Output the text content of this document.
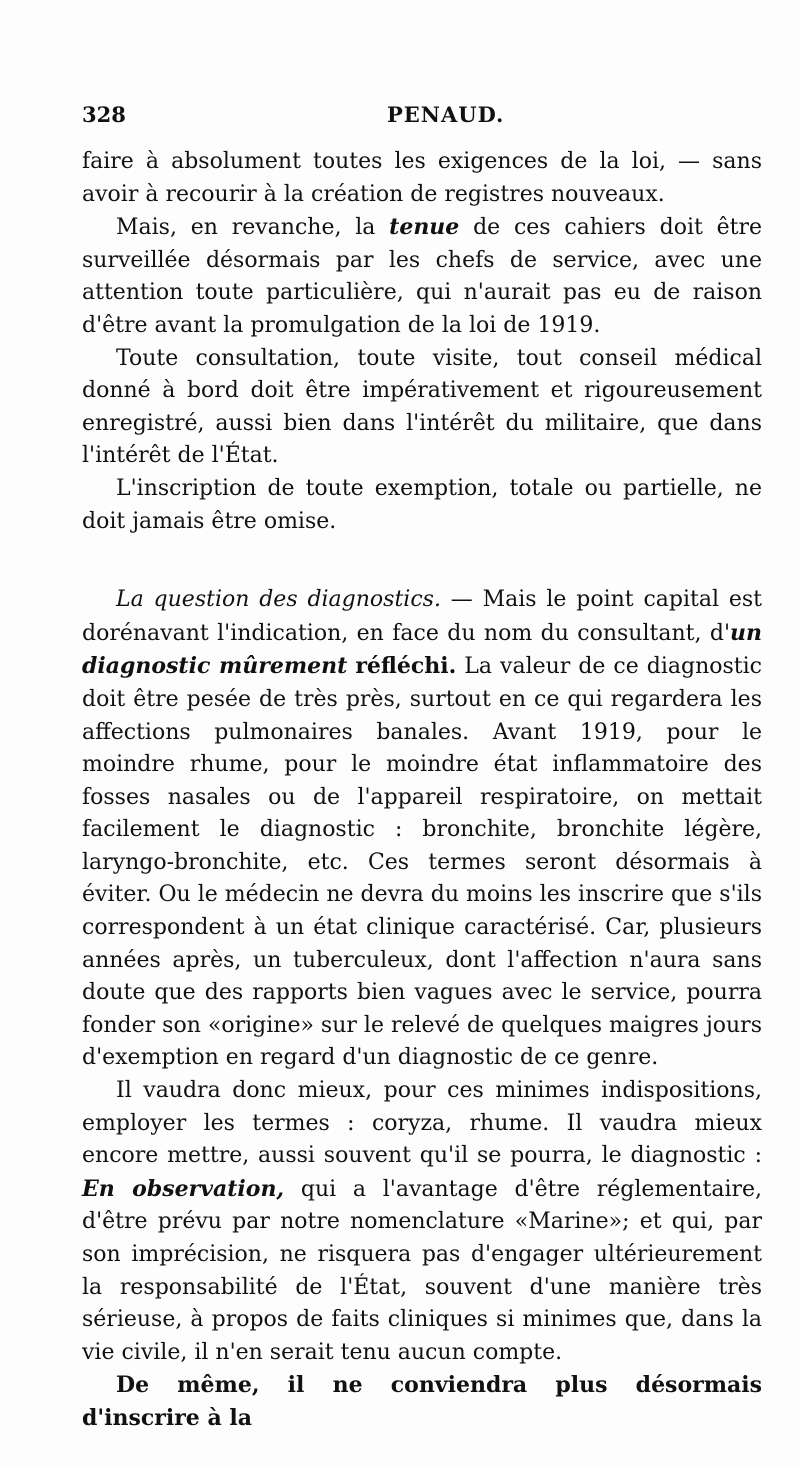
328	PENAUD.

faire à absolument toutes les exigences de la loi, — sans avoir à recourir à la création de registres nouveaux.

Mais, en revanche, la tenue de ces cahiers doit être surveillée désormais par les chefs de service, avec une attention toute particulière, qui n'aurait pas eu de raison d'être avant la promulgation de la loi de 1919.

Toute consultation, toute visite, tout conseil médical donné à bord doit être impérativement et rigoureusement enregistré, aussi bien dans l'intérêt du militaire, que dans l'intérêt de l'État.

L'inscription de toute exemption, totale ou partielle, ne doit jamais être omise.

La question des diagnostics. — Mais le point capital est dorénavant l'indication, en face du nom du consultant, d'un diagnostic mûrement réfléchi. La valeur de ce diagnostic doit être pesée de très près, surtout en ce qui regardera les affections pulmonaires banales. Avant 1919, pour le moindre rhume, pour le moindre état inflammatoire des fosses nasales ou de l'appareil respiratoire, on mettait facilement le diagnostic : bronchite, bronchite légère, laryngo-bronchite, etc. Ces termes seront désormais à éviter. Ou le médecin ne devra du moins les inscrire que s'ils correspondent à un état clinique caractérisé. Car, plusieurs années après, un tuberculeux, dont l'affection n'aura sans doute que des rapports bien vagues avec le service, pourra fonder son «origine» sur le relevé de quelques maigres jours d'exemption en regard d'un diagnostic de ce genre.

Il vaudra donc mieux, pour ces minimes indispositions, employer les termes : coryza, rhume. Il vaudra mieux encore mettre, aussi souvent qu'il se pourra, le diagnostic : En observation, qui a l'avantage d'être réglementaire, d'être prévu par notre nomenclature «Marine»; et qui, par son imprécision, ne risquera pas d'engager ultérieurement la responsabilité de l'État, souvent d'une manière très sérieuse, à propos de faits cliniques si minimes que, dans la vie civile, il n'en serait tenu aucun compte.

De même, il ne conviendra plus désormais d'inscrire à la
